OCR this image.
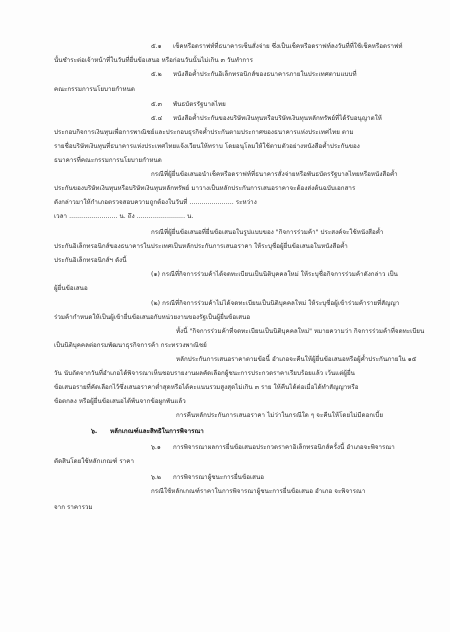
๕.๑ เช็คหรือดราฟท์ที่ธนาคารเซ็นสั่งจ่าย ซึ่งเป็นเช็คหรือดราฟท์ลงวันที่ที่ใช้เช็คหรือดราฟท์
นั้นชำระต่อเจ้าหน้าที่ในวันที่ยื่นข้อเสนอ หรือก่อนวันนั้นไม่เกิน ๓ วันทำการ
๕.๒ หนังสือค้ำประกันอิเล็กทรอนิกส์ของธนาคารภายในประเทศตามแบบที่
คณะกรรมการนโยบายกำหนด
๕.๓ พันธบัตรรัฐบาลไทย
๕.๔ หนังสือค้ำประกันของบริษัทเงินทุนหรือบริษัทเงินทุนหลักทรัพย์ที่ได้รับอนุญาตให้
ประกอบกิจการเงินทุนเพื่อการพาณิชย์และประกอบธุรกิจค้ำประกันตามประกาศของธนาคารแห่งประเทศไทย ตาม
รายชื่อบริษัทเงินทุนที่ธนาคารแห่งประเทศไทยแจ้งเวียนให้ทราบ โดยอนุโลมให้ใช้ตามตัวอย่างหนังสือค้ำประกันของ
ธนาคารที่คณะกรรมการนโยบายกำหนด
กรณีที่ผู้ยื่นข้อเสนอนำเช็คหรือดราฟท์ที่ธนาคารสั่งจ่ายหรือพันธบัตรรัฐบาลไทยหรือหนังสือค้ำ
ประกันของบริษัทเงินทุนหรือบริษัทเงินทุนหลักทรัพย์ มาวางเป็นหลักประกันการเสนอราคาจะต้องส่งต้นฉบับเอกสาร
ดังกล่าวมาให้กำเภอตรวจสอบความถูกต้องในวันที่ ...................... ระหว่าง
เวลา ........................ น. ถึง ........................ น.
กรณีที่ผู้ยื่นข้อเสนอที่ยื่นข้อเสนอในรูปแบบของ "กิจการร่วมค้า" ประสงค์จะใช้หนังสือค้ำ
ประกันอิเล็กทรอนิกส์ของธนาคารในประเทศเป็นหลักประกันการเสนอราคา ให้ระบุชื่อผู้ยื่นข้อเสนอในหนังสือค้ำ
ประกันอิเล็กทรอนิกส์ฯ ดังนี้
(๑) กรณีที่กิจการร่วมค้าได้จดทะเบียนเป็นนิติบุคคลใหม่ ให้ระบุชื่อกิจการร่วมค้าดังกล่าว เป็น
ผู้ยื่นข้อเสนอ
(๒) กรณีที่กิจการร่วมค้าไม่ได้จดทะเบียนเป็นนิติบุคคลใหม่ ให้ระบุชื่อผู้เข้าร่วมค้ารายที่สัญญา
ร่วมค้ากำหนดให้เป็นผู้เข้ายื่นข้อเสนอกับหน่วยงานของรัฐเป็นผู้ยื่นข้อเสนอ
ทั้งนี้ "กิจการร่วมค้าที่จดทะเบียนเป็นนิติบุคคลใหม่" หมายความว่า กิจการร่วมค้าที่จดทะเบียน
เป็นนิติบุคคลต่อกรมพัฒนาธุรกิจการค้า กระทรวงพาณิชย์
หลักประกันการเสนอราคาตามข้อนี้ อำเภอจะคืนให้ผู้ยื่นข้อเสนอหรือผู้ค้ำประกันภายใน ๑๕
วัน นับถัดจากวันที่อำเภอได้พิจารณาเห็นชอบรายงานผลคัดเลือกผู้ชนะการประกวดราคาเรียบร้อยแล้ว เว้นแต่ผู้ยื่น
ข้อเสนอรายที่คัดเลือกไว้ซึ่งเสนอราคาต่ำสุดหรือได้คะแนนรวมสูงสุดไม่เกิน ๓ ราย ให้คืนได้ต่อเมื่อได้ทำสัญญาหรือ
ข้อตกลง หรือผู้ยื่นข้อเสนอได้พ้นจากข้อผูกพันแล้ว
การคืนหลักประกันการเสนอราคา ไม่ว่าในกรณีใด ๆ จะคืนให้โดยไม่มีดอกเบี้ย
๖. หลักเกณฑ์และสิทธิในการพิจารณา
๖.๑ การพิจารณาผลการยื่นข้อเสนอประกวดราคาอิเล็กทรอนิกส์ครั้งนี้ อำเภอจะพิจารณา
ตัดสินโดยใช้หลักเกณฑ์ ราคา
๖.๒ การพิจารณาผู้ชนะการยื่นข้อเสนอ
กรณีใช้หลักเกณฑ์ราคาในการพิจารณาผู้ชนะการยื่นข้อเสนอ อำเภอ จะพิจารณา
จาก ราคารวม
